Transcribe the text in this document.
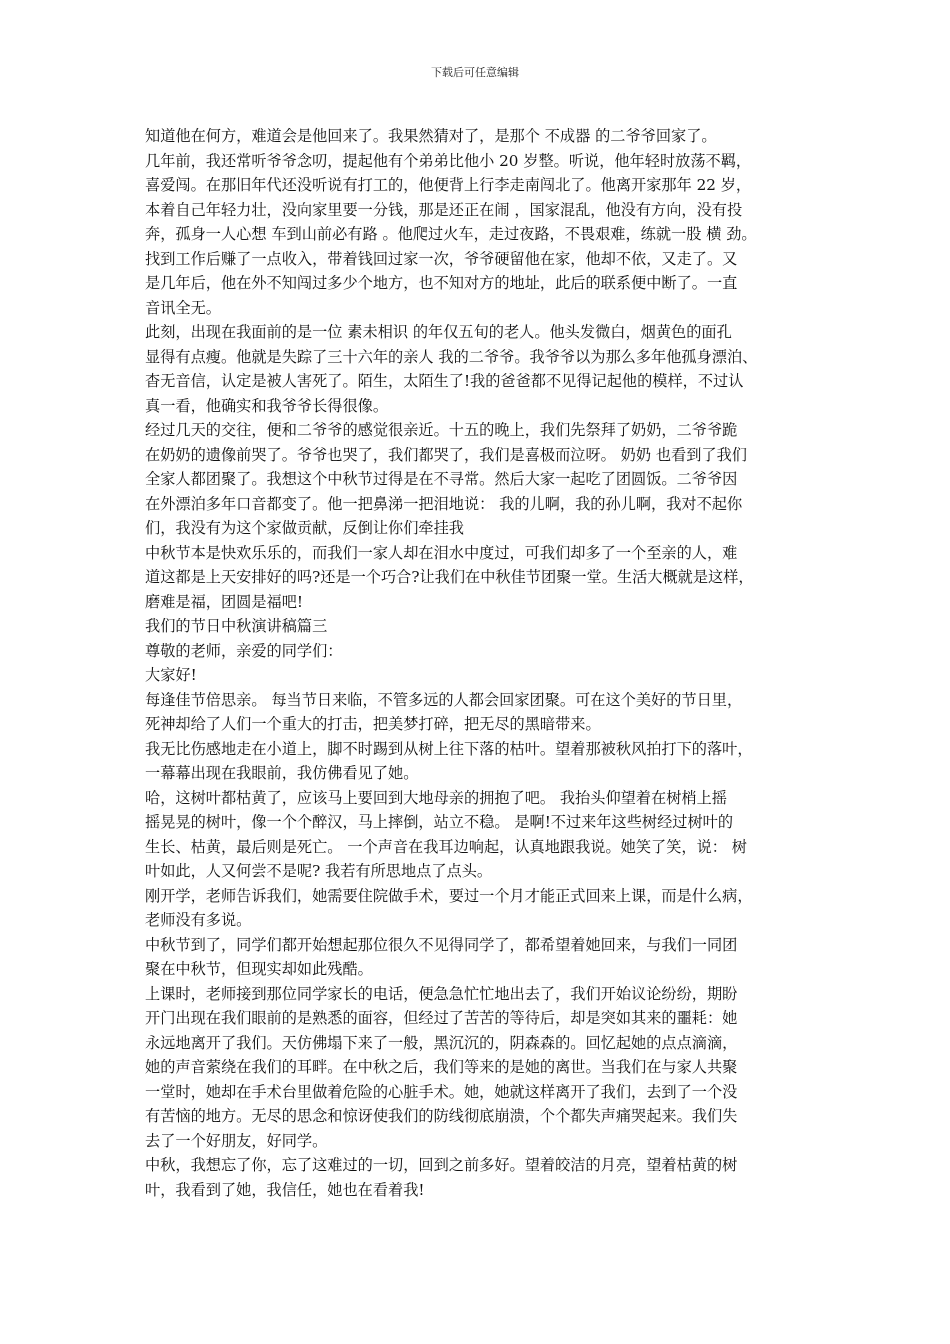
下载后可任意编辑
知道他在何方，难道会是他回来了。我果然猜对了，是那个 不成器 的二爷爷回家了。
几年前，我还常听爷爷念叨，提起他有个弟弟比他小 20 岁整。听说，他年轻时放荡不羁，
喜爱闯。在那旧年代还没听说有打工的，他便背上行李走南闯北了。他离开家那年 22 岁，
本着自己年轻力壮，没向家里要一分钱，那是还正在闹 ，国家混乱，他没有方向，没有投
奔，孤身一人心想 车到山前必有路 。他爬过火车，走过夜路，不畏艰难，练就一股 横 劲。
找到工作后赚了一点收入，带着钱回过家一次，爷爷硬留他在家，他却不依，又走了。又
是几年后，他在外不知闯过多少个地方，也不知对方的地址，此后的联系便中断了。一直
音讯全无。
此刻，出现在我面前的是一位 素未相识 的年仅五旬的老人。他头发微白，烟黄色的面孔
显得有点瘦。他就是失踪了三十六年的亲人 我的二爷爷。我爷爷以为那么多年他孤身漂泊、
杳无音信，认定是被人害死了。陌生，太陌生了!我的爸爸都不见得记起他的模样，不过认
真一看，他确实和我爷爷长得很像。
经过几天的交往，便和二爷爷的感觉很亲近。十五的晚上，我们先祭拜了奶奶，二爷爷跪
在奶奶的遗像前哭了。爷爷也哭了，我们都哭了，我们是喜极而泣呀。 奶奶 也看到了我们
全家人都团聚了。我想这个中秋节过得是在不寻常。然后大家一起吃了团圆饭。二爷爷因
在外漂泊多年口音都变了。他一把鼻涕一把泪地说： 我的儿啊，我的孙儿啊，我对不起你
们，我没有为这个家做贡献，反倒让你们牵挂我
中秋节本是快欢乐乐的，而我们一家人却在泪水中度过，可我们却多了一个至亲的人，难
道这都是上天安排好的吗?还是一个巧合?让我们在中秋佳节团聚一堂。生活大概就是这样，
磨难是福，团圆是福吧!
我们的节日中秋演讲稿篇三
尊敬的老师，亲爱的同学们：
大家好!
每逢佳节倍思亲。 每当节日来临，不管多远的人都会回家团聚。可在这个美好的节日里，
死神却给了人们一个重大的打击，把美梦打碎，把无尽的黑暗带来。
我无比伤感地走在小道上，脚不时踢到从树上往下落的枯叶。望着那被秋风拍打下的落叶，
一幕幕出现在我眼前，我仿佛看见了她。
哈，这树叶都枯黄了，应该马上要回到大地母亲的拥抱了吧。 我抬头仰望着在树梢上摇
摇晃晃的树叶，像一个个醉汉，马上摔倒，站立不稳。 是啊!不过来年这些树经过树叶的
生长、枯黄，最后则是死亡。 一个声音在我耳边响起，认真地跟我说。她笑了笑，说： 树
叶如此，人又何尝不是呢? 我若有所思地点了点头。
刚开学，老师告诉我们，她需要住院做手术，要过一个月才能正式回来上课，而是什么病，
老师没有多说。
中秋节到了，同学们都开始想起那位很久不见得同学了，都希望着她回来，与我们一同团
聚在中秋节，但现实却如此残酷。
上课时，老师接到那位同学家长的电话，便急急忙忙地出去了，我们开始议论纷纷，期盼
开门出现在我们眼前的是熟悉的面容，但经过了苦苦的等待后，却是突如其来的噩耗：她
永远地离开了我们。天仿佛塌下来了一般，黑沉沉的，阴森森的。回忆起她的点点滴滴，
她的声音萦绕在我们的耳畔。在中秋之后，我们等来的是她的离世。当我们在与家人共聚
一堂时，她却在手术台里做着危险的心脏手术。她，她就这样离开了我们，去到了一个没
有苦恼的地方。无尽的思念和惊讶使我们的防线彻底崩溃，个个都失声痛哭起来。我们失
去了一个好朋友，好同学。
中秋，我想忘了你，忘了这难过的一切，回到之前多好。望着皎洁的月亮，望着枯黄的树
叶，我看到了她，我信任，她也在看着我!
